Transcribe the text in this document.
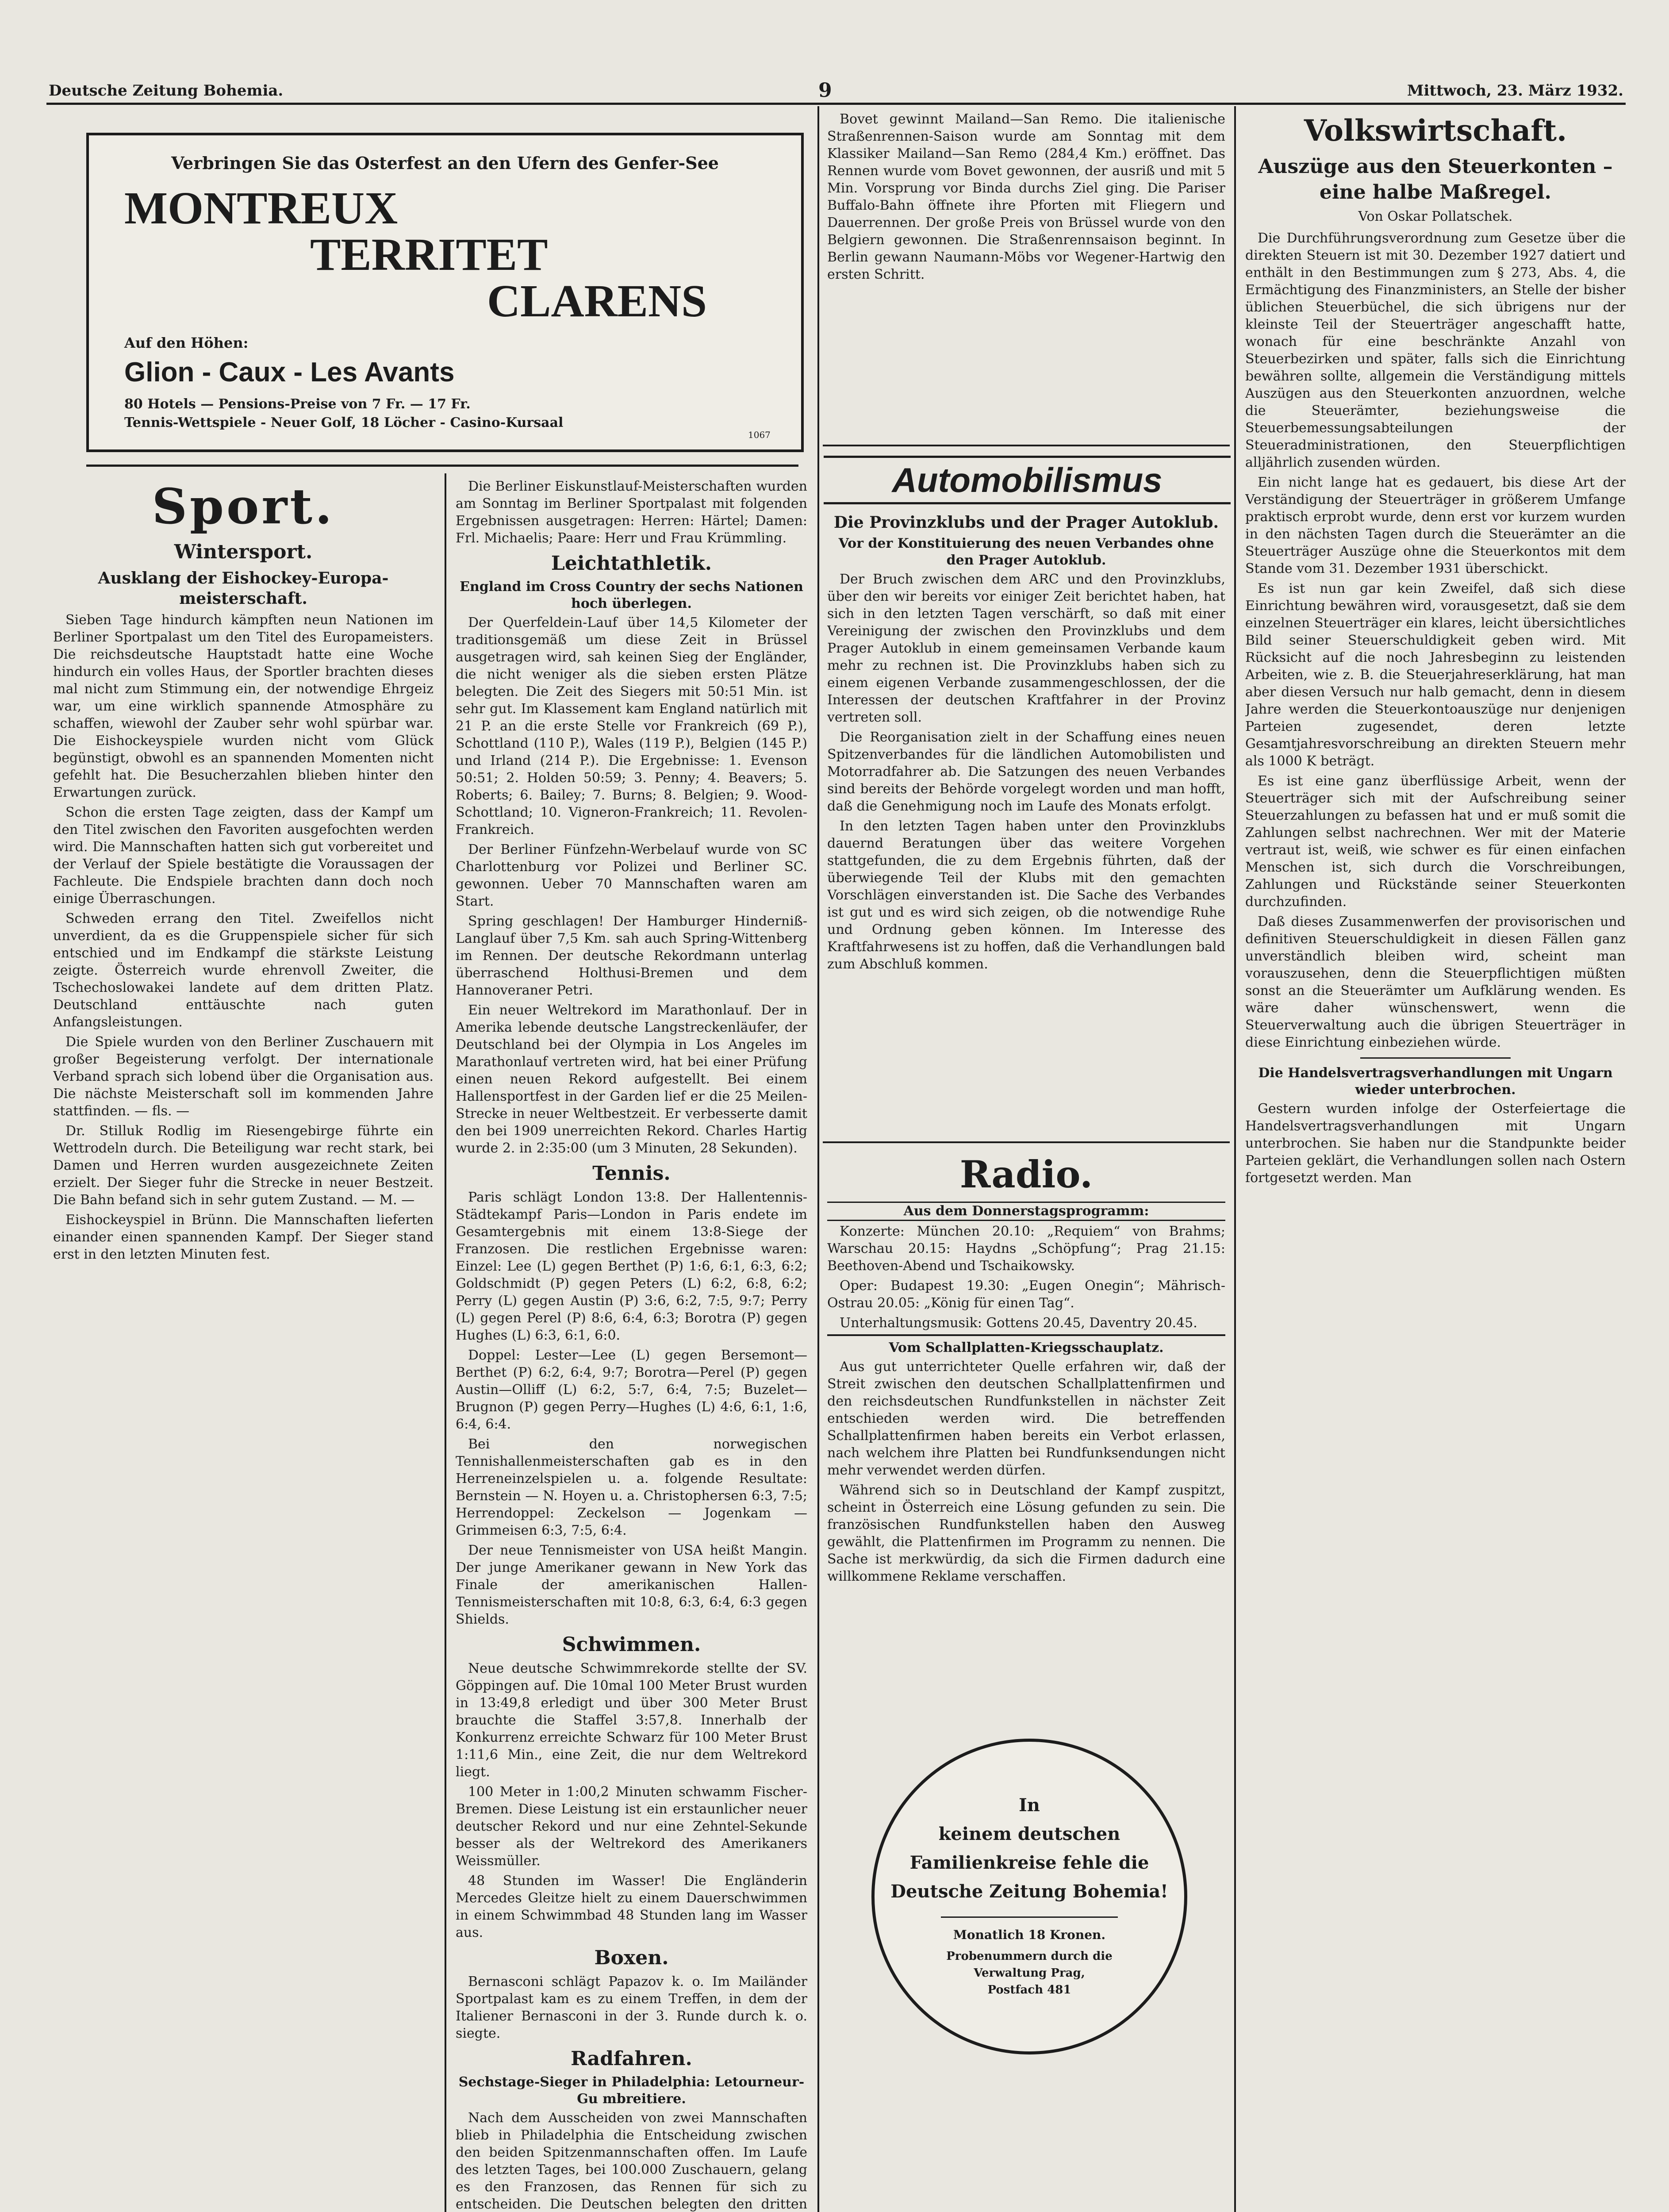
Deutsche Zeitung Bohemia.	9	Mittwoch, 23. März 1932.
Verbringen Sie das Osterfest an den Ufern des Genfer-See
MONTREUX
TERRITET
CLARENS
Auf den Höhen:
Glion - Caux - Les Avants
80 Hotels — Pensions-Preise von 7 Fr. — 17 Fr.
Tennis-Wettspiele - Neuer Golf, 18 Löcher - Casino-Kursaal
1067
Sport.
Wintersport.
Ausklang der Eishockey-Europameisterschaft.

Sieben Tage hindurch kämpften neun Nationen im Berliner Sportpalast um den Titel des Europameisters. Die reichsdeutsche Hauptstadt hatte eine Woche hindurch ein volles Haus, der Sportler brachten dieses mal nicht zum Stimmung ein, der notwendige Ehrgeiz war, um eine wirklich spannende Atmosphäre zu schaffen, wiewohl der Zauber sehr wohl spürbar war. Die Eishockeyspiele wurden nicht vom Glück begünstigt, obwohl es an spannenden Momenten nicht gefehlt hat. Die Besucherzahlen blieben hinter den Erwartungen zurück.

Schon die ersten Tage zeigten, dass der Kampf um den Titel zwischen den Favoriten ausgefochten werden wird. Die Mannschaften hatten sich gut vorbereitet und der Verlauf der Spiele bestätigte die Voraussagen der Fachleute. Die Endspiele brachten dann doch noch einige Überraschungen.

Schweden errang den Titel. Zweifellos nicht unverdient, da es die Gruppenspiele sicher für sich entschied und im Endkampf die stärkste Leistung zeigte. Österreich wurde ehrenvoll Zweiter, die Tschechoslowakei landete auf dem dritten Platz. Deutschland enttäuschte nach guten Anfangsleistungen.

Die Spiele wurden von den Berliner Zuschauern mit großer Begeisterung verfolgt. Der internationale Verband sprach sich lobend über die Organisation aus. Die nächste Meisterschaft soll im kommenden Jahre stattfinden. — fls. —

Dr. Stilluk Rodlig im Riesengebirge führte ein Wettrodeln durch. Die Beteiligung war recht stark, bei Damen und Herren wurden ausgezeichnete Zeiten erzielt. Der Sieger fuhr die Strecke in neuer Bestzeit. Die Bahn befand sich in sehr gutem Zustand. — M. —

Eishockeyspiel in Brünn. Die Mannschaften lieferten einander einen spannenden Kampf. Der Sieger stand erst in den letzten Minuten fest.

Die Berliner Eiskunstlauf-Meisterschaften wurden am Sonntag im Berliner Sportpalast mit folgenden Ergebnissen ausgetragen: Herren: Härtel; Damen: Frl. Michaelis; Paare: Herr und Frau Krümmling.

Leichtathletik.
England im Cross Country der sechs Nationen hoch überlegen.

Der Querfeldein-Lauf über 14,5 Kilometer der traditionsgemäß um diese Zeit in Brüssel ausgetragen wird, sah keinen Sieg der Engländer, die nicht weniger als die sieben ersten Plätze belegten. Die Zeit des Siegers mit 50:51 Min. ist sehr gut. Im Klassement kam England natürlich mit 21 P. an die erste Stelle vor Frankreich (69 P.), Schottland (110 P.), Wales (119 P.), Belgien (145 P.) und Irland (214 P.). Die Ergebnisse: 1. Evenson 50:51; 2. Holden 50:59; 3. Penny; 4. Beavers; 5. Roberts; 6. Bailey; 7. Burns; 8. Belgien; 9. Wood-Schottland; 10. Vigneron-Frankreich; 11. Revolen-Frankreich.

Der Berliner Fünfzehn-Werbelauf wurde von SC Charlottenburg vor Polizei und Berliner SC. gewonnen. Ueber 70 Mannschaften waren am Start.

Spring geschlagen! Der Hamburger Hinderniß-Langlauf über 7,5 Km. sah auch Spring-Wittenberg im Rennen. Der deutsche Rekordmann unterlag überraschend Holthusi-Bremen und dem Hannoveraner Petri.

Ein neuer Weltrekord im Marathonlauf. Der in Amerika lebende deutsche Langstreckenläufer, der Deutschland bei der Olympia in Los Angeles im Marathonlauf vertreten wird, hat bei einer Prüfung einen neuen Rekord aufgestellt. Bei einem Hallensportfest in der Garden lief er die 25 Meilen-Strecke in neuer Weltbestzeit. Er verbesserte damit den bei 1909 unerreichten Rekord. Charles Hartig wurde 2. in 2:35:00 (um 3 Minuten, 28 Sekunden).

Tennis.

Paris schlägt London 13:8. Der Hallentennis-Städtekampf Paris—London in Paris endete im Gesamtergebnis mit einem 13:8-Siege der Franzosen. Die restlichen Ergebnisse waren: Einzel: Lee (L) gegen Berthet (P) 1:6, 6:1, 6:3, 6:2; Goldschmidt (P) gegen Peters (L) 6:2, 6:8, 6:2; Perry (L) gegen Austin (P) 3:6, 6:2, 7:5, 9:7; Perry (L) gegen Perel (P) 8:6, 6:4, 6:3; Borotra (P) gegen Hughes (L) 6:3, 6:1, 6:0.

Doppel: Lester—Lee (L) gegen Bersemont—Berthet (P) 6:2, 6:4, 9:7; Borotra—Perel (P) gegen Austin—Olliff (L) 6:2, 5:7, 6:4, 7:5; Buzelet—Brugnon (P) gegen Perry—Hughes (L) 4:6, 6:1, 1:6, 6:4, 6:4.

Bei den norwegischen Tennishallenmeisterschaften gab es in den Herreneinzelspielen u. a. folgende Resultate: Bernstein — N. Hoyen u. a. Christophersen 6:3, 7:5; Herrendoppel: Zeckelson — Jogenkam — Grimmeisen 6:3, 7:5, 6:4.

Der neue Tennismeister von USA heißt Mangin. Der junge Amerikaner gewann in New York das Finale der amerikanischen Hallen-Tennismeisterschaften mit 10:8, 6:3, 6:4, 6:3 gegen Shields.

Schwimmen.

Neue deutsche Schwimmrekorde stellte der SV. Göppingen auf. Die 10mal 100 Meter Brust wurden in 13:49,8 erledigt und über 300 Meter Brust brauchte die Staffel 3:57,8. Innerhalb der Konkurrenz erreichte Schwarz für 100 Meter Brust 1:11,6 Min., eine Zeit, die nur dem Weltrekord liegt.

100 Meter in 1:00,2 Minuten schwamm Fischer-Bremen. Diese Leistung ist ein erstaunlicher neuer deutscher Rekord und nur eine Zehntel-Sekunde besser als der Weltrekord des Amerikaners Weissmüller.

48 Stunden im Wasser! Die Engländerin Mercedes Gleitze hielt zu einem Dauerschwimmen in einem Schwimmbad 48 Stunden lang im Wasser aus.

Boxen.

Bernasconi schlägt Papazov k. o. Im Mailänder Sportpalast kam es zu einem Treffen, in dem der Italiener Bernasconi in der 3. Runde durch k. o. siegte.

Radfahren.
Sechstage-Sieger in Philadelphia: Letourneur-Gu mbreitiere.

Nach dem Ausscheiden von zwei Mannschaften blieb in Philadelphia die Entscheidung zwischen den beiden Spitzenmannschaften offen. Im Laufe des letzten Tages, bei 100.000 Zuschauern, gelang es den Franzosen, das Rennen für sich zu entscheiden. Die Deutschen belegten den dritten

Bovet gewinnt Mailand—San Remo. Die italienische Straßenrennen-Saison wurde am Sonntag mit dem Klassiker Mailand—San Remo (284,4 Km.) eröffnet. Das Rennen wurde vom Bovet gewonnen, der ausriß und mit 5 Min. Vorsprung vor Binda durchs Ziel ging. Die Pariser Buffalo-Bahn öffnete ihre Pforten mit Fliegern und Dauerrennen. Der große Preis von Brüssel wurde von den Belgiern gewonnen. Die Straßenrennsaison beginnt. In Berlin gewann Naumann-Möbs vor Wegener-Hartwig den ersten Schritt.

Automobilismus
Die Provinzklubs und der Prager Autoklub.
Vor der Konstituierung des neuen Verbandes ohne den Prager Autoklub.

Der Bruch zwischen dem ARC und den Provinzklubs, über den wir bereits vor einiger Zeit berichtet haben, hat sich in den letzten Tagen verschärft, so daß mit einer Vereinigung der zwischen den Provinzklubs und dem Prager Autoklub in einem gemeinsamen Verbande kaum mehr zu rechnen ist. Die Provinzklubs haben sich zu einem eigenen Verbande zusammengeschlossen, der die Interessen der deutschen Kraftfahrer in der Provinz vertreten soll.

Die Reorganisation zielt in der Schaffung eines neuen Spitzenverbandes für die ländlichen Automobilisten und Motorradfahrer ab. Die Satzungen des neuen Verbandes sind bereits der Behörde vorgelegt worden und man hofft, daß die Genehmigung noch im Laufe des Monats erfolgt.

In den letzten Tagen haben unter den Provinzklubs dauernd Beratungen über das weitere Vorgehen stattgefunden, die zu dem Ergebnis führten, daß der überwiegende Teil der Klubs mit den gemachten Vorschlägen einverstanden ist. Die Sache des Verbandes ist gut und es wird sich zeigen, ob die notwendige Ruhe und Ordnung geben können. Im Interesse des Kraftfahrwesens ist zu hoffen, daß die Verhandlungen bald zum Abschluß kommen.

Radio.
Aus dem Donnerstagsprogramm:

Konzerte: München 20.10: „Requiem“ von Brahms; Warschau 20.15: Haydns „Schöpfung“; Prag 21.15: Beethoven-Abend und Tschaikowsky.

Oper: Budapest 19.30: „Eugen Onegin“; Mährisch-Ostrau 20.05: „König für einen Tag“.

Unterhaltungsmusik: Gottens 20.45, Daventry 20.45.

Vom Schallplatten-Kriegsschauplatz.

Aus gut unterrichteter Quelle erfahren wir, daß der Streit zwischen den deutschen Schallplattenfirmen und den reichsdeutschen Rundfunkstellen in nächster Zeit entschieden werden wird. Die betreffenden Schallplattenfirmen haben bereits ein Verbot erlassen, nach welchem ihre Platten bei Rundfunksendungen nicht mehr verwendet werden dürfen.

Während sich so in Deutschland der Kampf zuspitzt, scheint in Österreich eine Lösung gefunden zu sein. Die französischen Rundfunkstellen haben den Ausweg gewählt, die Plattenfirmen im Programm zu nennen. Die Sache ist merkwürdig, da sich die Firmen dadurch eine willkommene Reklame verschaffen.

In
keinem deutschen
Familienkreise fehle die
Deutsche Zeitung Bohemia!
Monatlich 18 Kronen.
Probenummern durch die
Verwaltung Prag,
Postfach 481
Volkswirtschaft.
Auszüge aus den Steuerkonten – eine halbe Maßregel.
Von Oskar Pollatschek.

Die Durchführungsverordnung zum Gesetze über die direkten Steuern ist mit 30. Dezember 1927 datiert und enthält in den Bestimmungen zum § 273, Abs. 4, die Ermächtigung des Finanzministers, an Stelle der bisher üblichen Steuerbüchel, die sich übrigens nur der kleinste Teil der Steuerträger angeschafft hatte, wonach für eine beschränkte Anzahl von Steuerbezirken und später, falls sich die Einrichtung bewähren sollte, allgemein die Verständigung mittels Auszügen aus den Steuerkonten anzuordnen, welche die Steuerämter, beziehungsweise die Steuerbemessungsabteilungen der Steueradministrationen, den Steuerpflichtigen alljährlich zusenden würden.

Ein nicht lange hat es gedauert, bis diese Art der Verständigung der Steuerträger in größerem Umfange praktisch erprobt wurde, denn erst vor kurzem wurden in den nächsten Tagen durch die Steuerämter an die Steuerträger Auszüge ohne die Steuerkontos mit dem Stande vom 31. Dezember 1931 überschickt.

Es ist nun gar kein Zweifel, daß sich diese Einrichtung bewähren wird, vorausgesetzt, daß sie dem einzelnen Steuerträger ein klares, leicht übersichtliches Bild seiner Steuerschuldigkeit geben wird. Mit Rücksicht auf die noch Jahresbeginn zu leistenden Arbeiten, wie z. B. die Steuerjahreserklärung, hat man aber diesen Versuch nur halb gemacht, denn in diesem Jahre werden die Steuerkontoauszüge nur denjenigen Parteien zugesendet, deren letzte Gesamtjahresvorschreibung an direkten Steuern mehr als 1000 K beträgt.

Es ist eine ganz überflüssige Arbeit, wenn der Steuerträger sich mit der Aufschreibung seiner Steuerzahlungen zu befassen hat und er muß somit die Zahlungen selbst nachrechnen. Wer mit der Materie vertraut ist, weiß, wie schwer es für einen einfachen Menschen ist, sich durch die Vorschreibungen, Zahlungen und Rückstände seiner Steuerkonten durchzufinden.

Daß dieses Zusammenwerfen der provisorischen und definitiven Steuerschuldigkeit in diesen Fällen ganz unverständlich bleiben wird, scheint man vorauszusehen, denn die Steuerpflichtigen müßten sonst an die Steuerämter um Aufklärung wenden. Es wäre daher wünschenswert, wenn die Steuerverwaltung auch die übrigen Steuerträger in diese Einrichtung einbeziehen würde.

Die Handelsvertragsverhandlungen mit Ungarn wieder unterbrochen.

Gestern wurden infolge der Osterfeiertage die Handelsvertragsverhandlungen mit Ungarn unterbrochen. Sie haben nur die Standpunkte beider Parteien geklärt, die Verhandlungen sollen nach Ostern fortgesetzt werden. Man
